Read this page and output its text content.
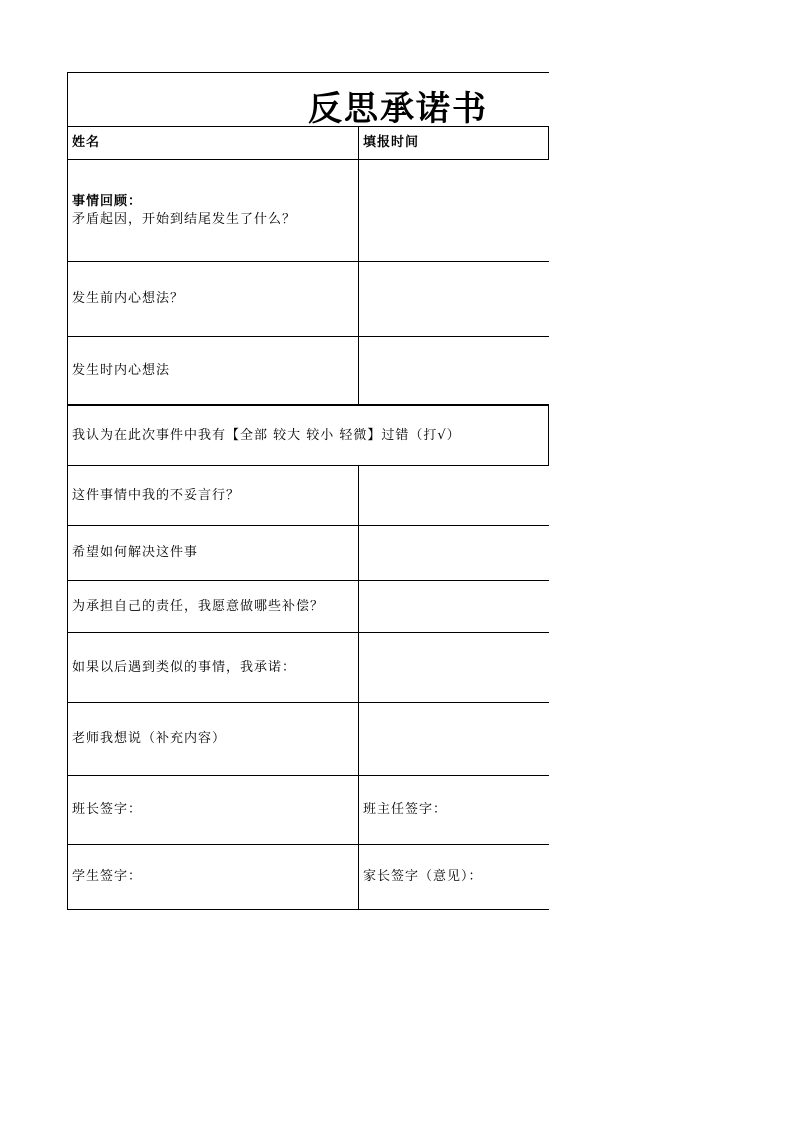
反思承诺书
姓名	填报时间
事情回顾：
矛盾起因，开始到结尾发生了什么？
发生前内心想法？
发生时内心想法
我认为在此次事件中我有【全部 较大 较小 轻微】过错（打√）
这件事情中我的不妥言行？
希望如何解决这件事
为承担自己的责任，我愿意做哪些补偿？
如果以后遇到类似的事情，我承诺：
老师我想说（补充内容）
班长签字：	班主任签字：
学生签字：	家长签字（意见）：
